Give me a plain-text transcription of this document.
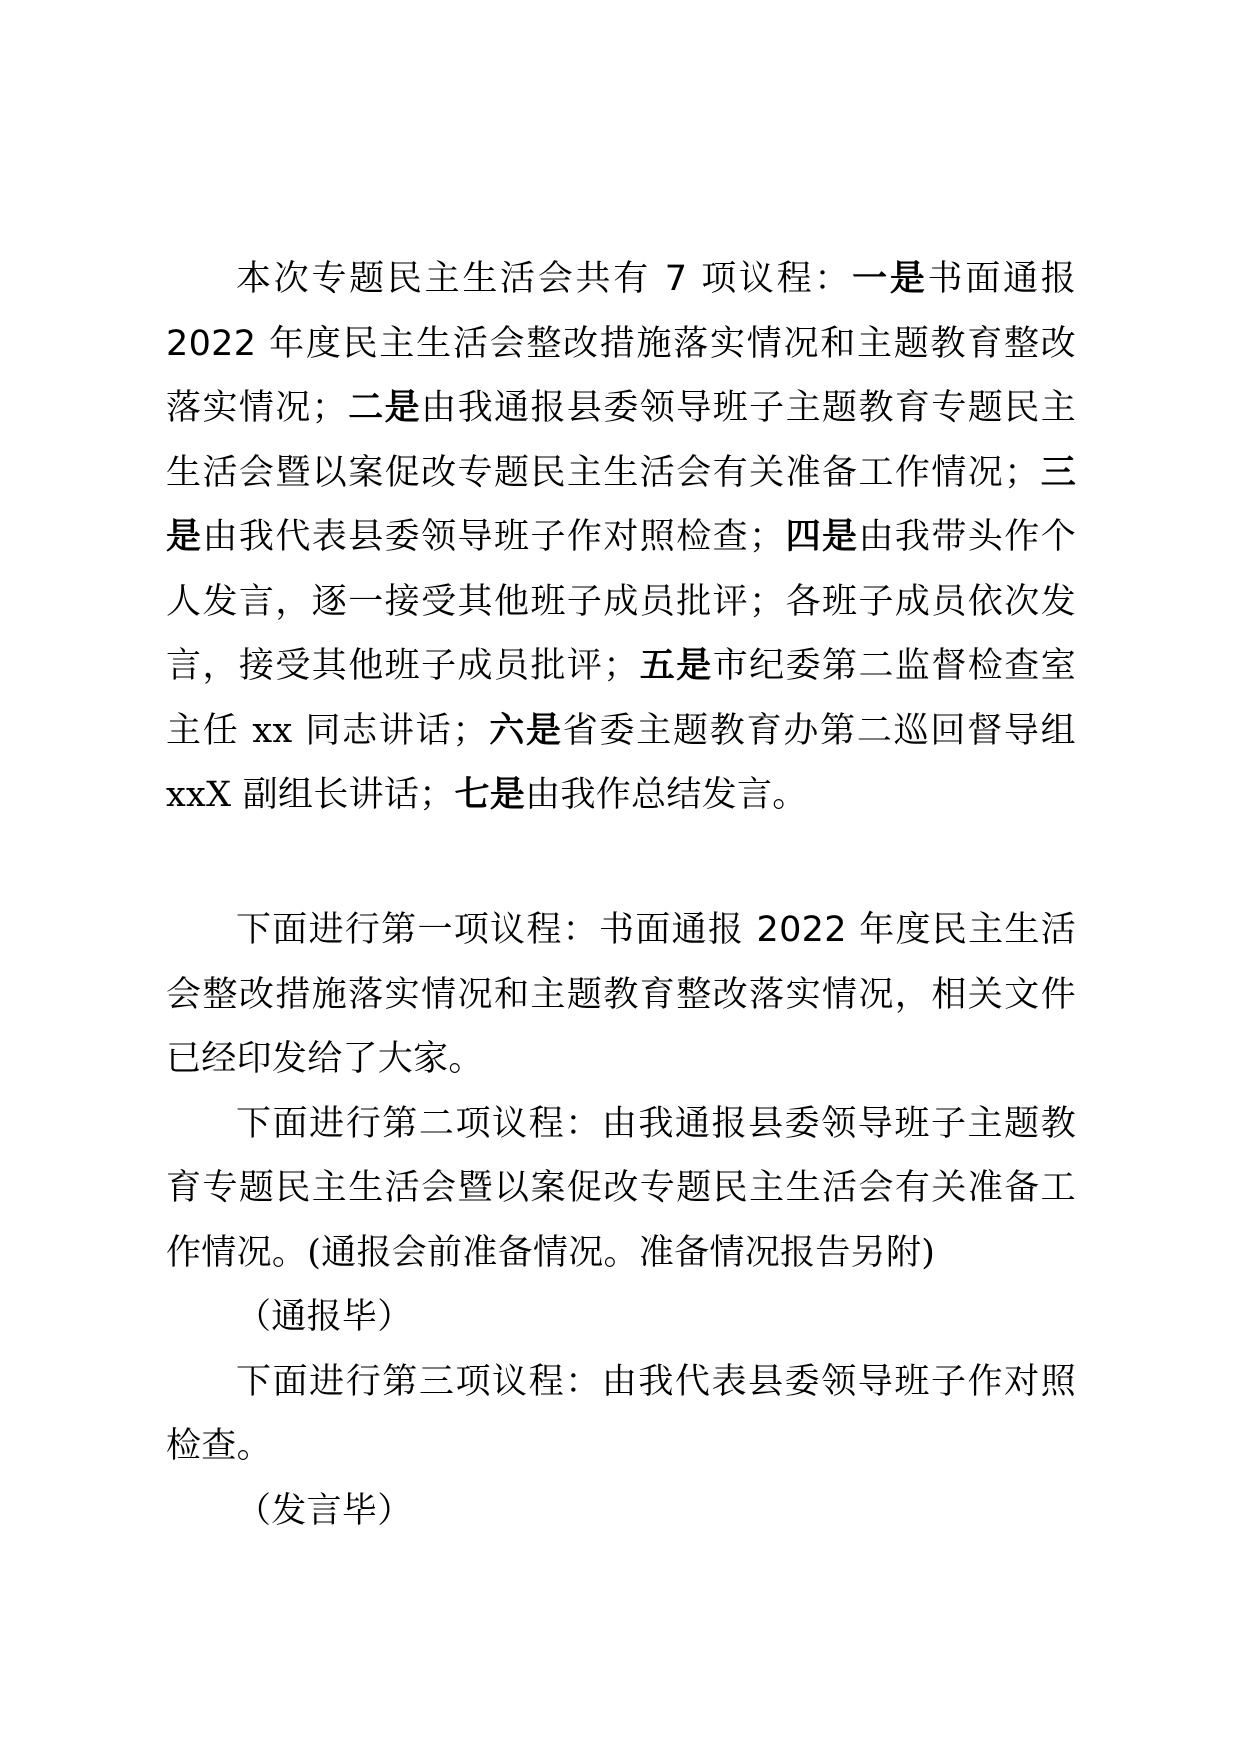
本次专题民主生活会共有 7 项议程：一是书面通报 2022 年度民主生活会整改措施落实情况和主题教育整改落实情况；二是由我通报县委领导班子主题教育专题民主生活会暨以案促改专题民主生活会有关准备工作情况；三是由我代表县委领导班子作对照检查；四是由我带头作个人发言，逐一接受其他班子成员批评；各班子成员依次发言，接受其他班子成员批评；五是市纪委第二监督检查室主任 xx 同志讲话；六是省委主题教育办第二巡回督导组 xxX 副组长讲话；七是由我作总结发言。

下面进行第一项议程：书面通报 2022 年度民主生活会整改措施落实情况和主题教育整改落实情况，相关文件已经印发给了大家。

下面进行第二项议程：由我通报县委领导班子主题教育专题民主生活会暨以案促改专题民主生活会有关准备工作情况。(通报会前准备情况。准备情况报告另附)

（通报毕）

下面进行第三项议程：由我代表县委领导班子作对照检查。

（发言毕）
